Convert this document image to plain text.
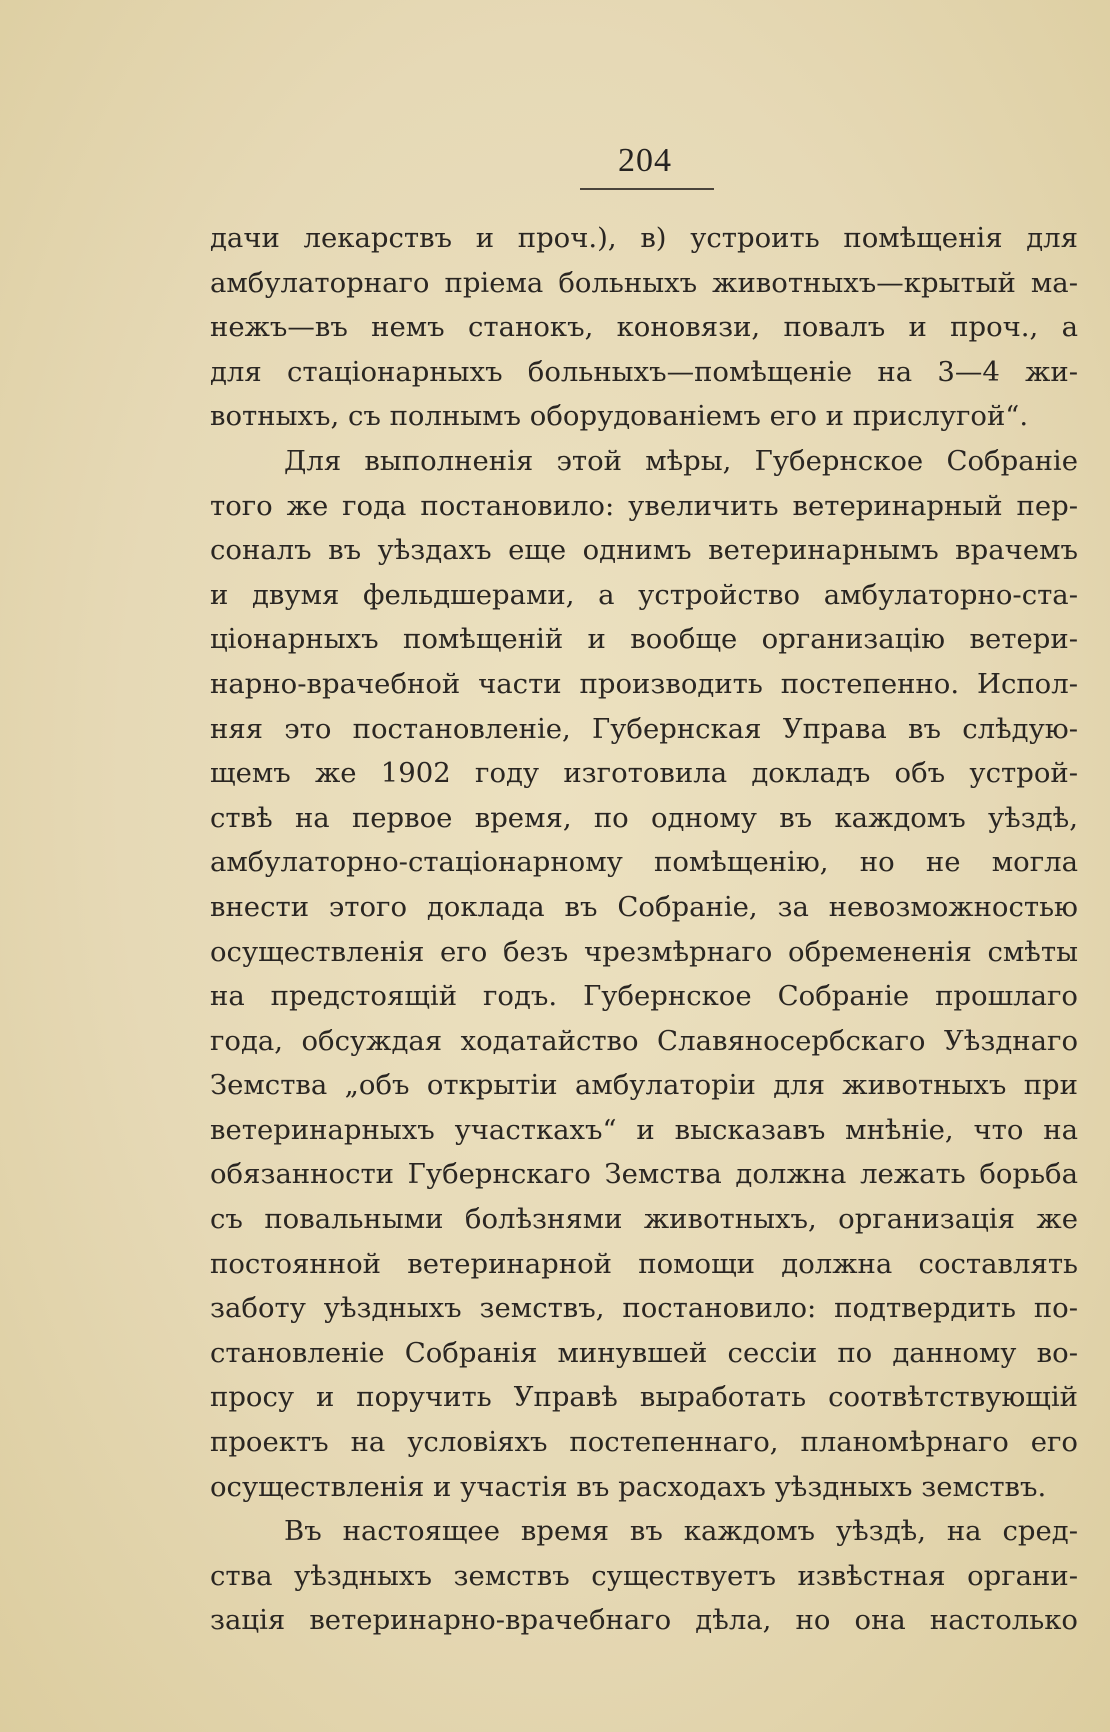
204
дачи лекарствъ и проч.), в) устроить помѣщенія для
амбулаторнаго пріема больныхъ животныхъ—крытый ма-
нежъ—въ немъ станокъ, коновязи, повалъ и проч., а
для стаціонарныхъ больныхъ—помѣщеніе на 3—4 жи-
вотныхъ, съ полнымъ оборудованіемъ его и прислугой“.
Для выполненія этой мѣры, Губернское Собраніе
того же года постановило: увеличить ветеринарный пер-
соналъ въ уѣздахъ еще однимъ ветеринарнымъ врачемъ
и двумя фельдшерами, а устройство амбулаторно-ста-
ціонарныхъ помѣщеній и вообще организацію ветери-
нарно-врачебной части производить постепенно. Испол-
няя это постановленіе, Губернская Управа въ слѣдую-
щемъ же 1902 году изготовила докладъ объ устрой-
ствѣ на первое время, по одному въ каждомъ уѣздѣ,
амбулаторно-стаціонарному помѣщенію, но не могла
внести этого доклада въ Собраніе, за невозможностью
осуществленія его безъ чрезмѣрнаго обремененія смѣты
на предстоящій годъ. Губернское Собраніе прошлаго
года, обсуждая ходатайство Славяносербскаго Уѣзднаго
Земства „объ открытіи амбулаторіи для животныхъ при
ветеринарныхъ участкахъ“ и высказавъ мнѣніе, что на
обязанности Губернскаго Земства должна лежать борьба
съ повальными болѣзнями животныхъ, организація же
постоянной ветеринарной помощи должна составлять
заботу уѣздныхъ земствъ, постановило: подтвердить по-
становленіе Собранія минувшей сессіи по данному во-
просу и поручить Управѣ выработать соотвѣтствующій
проектъ на условіяхъ постепеннаго, планомѣрнаго его
осуществленія и участія въ расходахъ уѣздныхъ земствъ.
Въ настоящее время въ каждомъ уѣздѣ, на сред-
ства уѣздныхъ земствъ существуетъ извѣстная органи-
зація ветеринарно-врачебнаго дѣла, но она настолько
